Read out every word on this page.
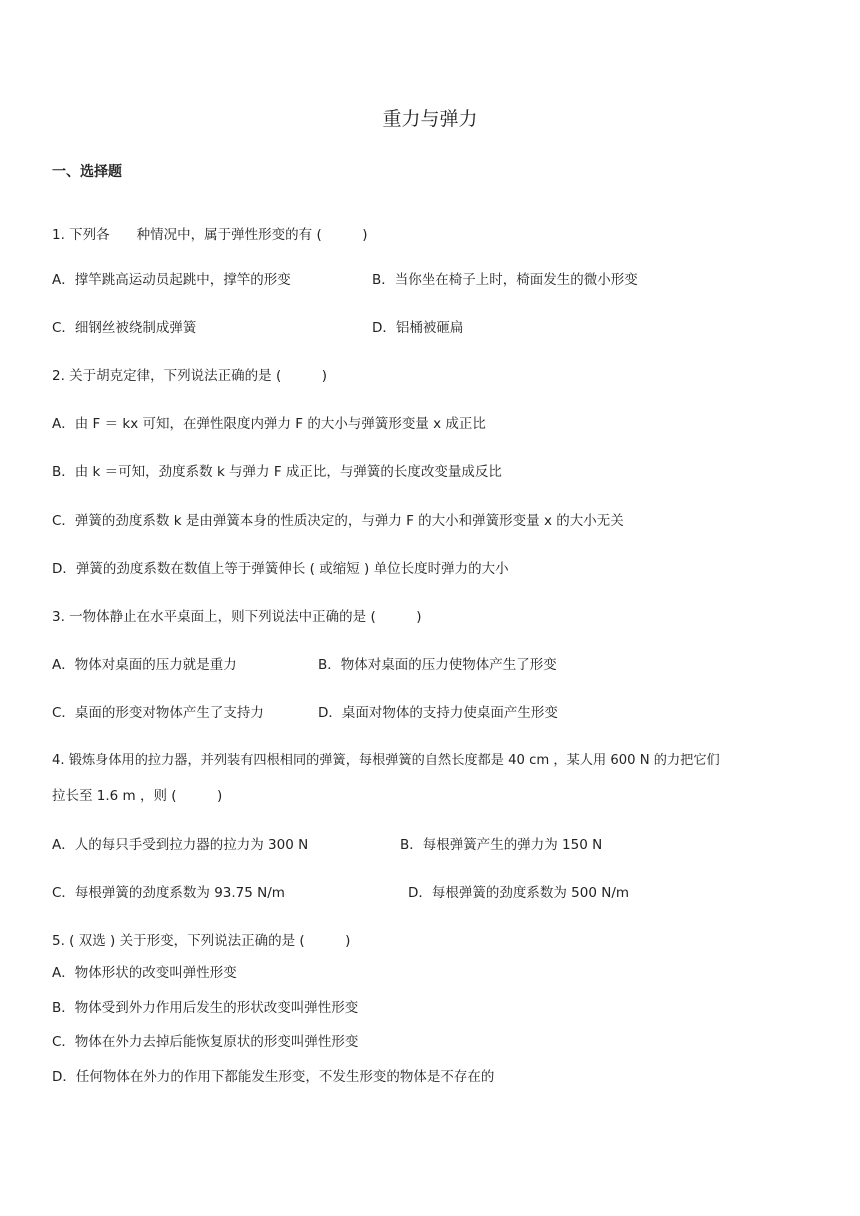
重力与弹力
一、选择题
1. 下列各　　种情况中，属于弹性形变的有 (　　　)
A．撑竿跳高运动员起跳中，撑竿的形变	B．当你坐在椅子上时，椅面发生的微小形变
C．细钢丝被绕制成弹簧	D．铝桶被砸扁
2. 关于胡克定律，下列说法正确的是 (　　　)
A．由 F ＝ kx 可知，在弹性限度内弹力 F 的大小与弹簧形变量 x 成正比
B．由 k ＝可知，劲度系数 k 与弹力 F 成正比，与弹簧的长度改变量成反比
C．弹簧的劲度系数 k 是由弹簧本身的性质决定的，与弹力 F 的大小和弹簧形变量 x 的大小无关
D．弹簧的劲度系数在数值上等于弹簧伸长 ( 或缩短 ) 单位长度时弹力的大小
3. 一物体静止在水平桌面上，则下列说法中正确的是 (　　　)
A．物体对桌面的压力就是重力	B．物体对桌面的压力使物体产生了形变
C．桌面的形变对物体产生了支持力	D．桌面对物体的支持力使桌面产生形变
4. 锻炼身体用的拉力器，并列装有四根相同的弹簧，每根弹簧的自然长度都是 40 cm ，某人用 600 N 的力把它们
拉长至 1.6 m ，则 (　　　)
A．人的每只手受到拉力器的拉力为 300 N	B．每根弹簧产生的弹力为 150 N
C．每根弹簧的劲度系数为 93.75 N/m	D．每根弹簧的劲度系数为 500 N/m
5. ( 双选 ) 关于形变，下列说法正确的是 (　　　)
A．物体形状的改变叫弹性形变
B．物体受到外力作用后发生的形状改变叫弹性形变
C．物体在外力去掉后能恢复原状的形变叫弹性形变
D．任何物体在外力的作用下都能发生形变，不发生形变的物体是不存在的
